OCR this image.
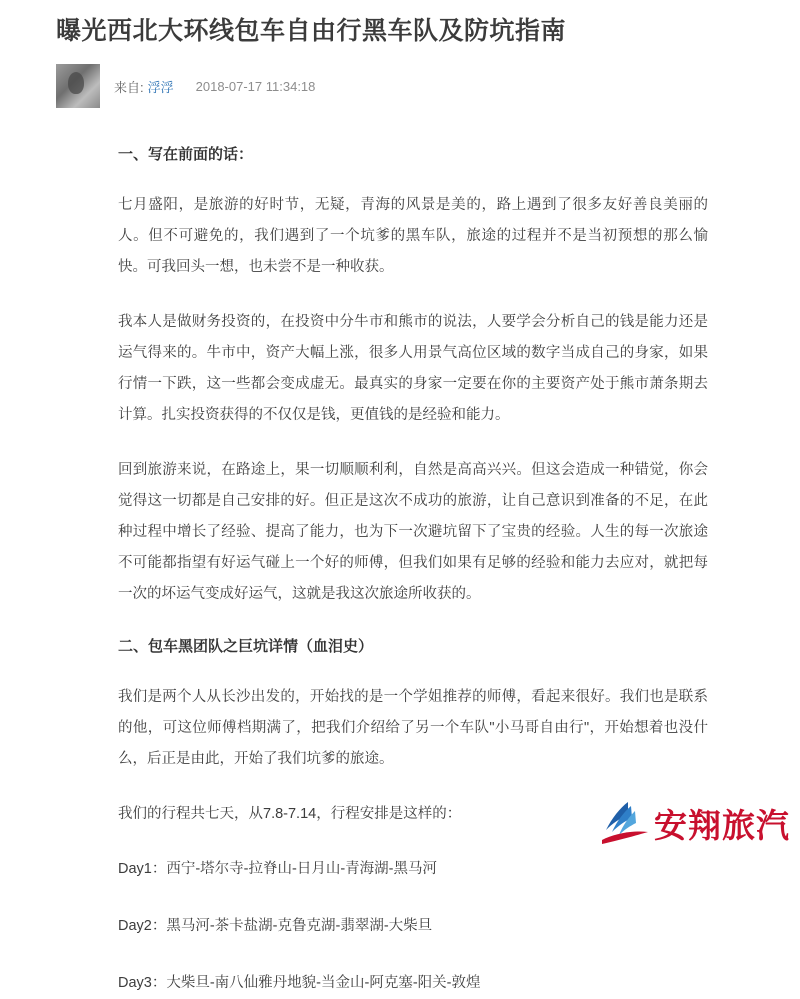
曝光西北大环线包车自由行黑车队及防坑指南
来自: 浮浮 2018-07-17 11:34:18
一、写在前面的话：

七月盛阳，是旅游的好时节，无疑，青海的风景是美的，路上遇到了很多友好善良美丽的人。但不可避免的，我们遇到了一个坑爹的黑车队，旅途的过程并不是当初预想的那么愉快。可我回头一想，也未尝不是一种收获。

我本人是做财务投资的，在投资中分牛市和熊市的说法，人要学会分析自己的钱是能力还是运气得来的。牛市中，资产大幅上涨，很多人用景气高位区域的数字当成自己的身家，如果行情一下跌，这一些都会变成虚无。最真实的身家一定要在你的主要资产处于熊市萧条期去计算。扎实投资获得的不仅仅是钱，更值钱的是经验和能力。

回到旅游来说，在路途上，果一切顺顺利利，自然是高高兴兴。但这会造成一种错觉，你会觉得这一切都是自己安排的好。但正是这次不成功的旅游，让自己意识到准备的不足，在此种过程中增长了经验、提高了能力，也为下一次避坑留下了宝贵的经验。人生的每一次旅途不可能都指望有好运气碰上一个好的师傅，但我们如果有足够的经验和能力去应对，就把每一次的坏运气变成好运气，这就是我这次旅途所收获的。

二、包车黑团队之巨坑详情（血泪史）

我们是两个人从长沙出发的，开始找的是一个学姐推荐的师傅，看起来很好。我们也是联系的他，可这位师傅档期满了，把我们介绍给了另一个车队"小马哥自由行"，开始想着也没什么，后正是由此，开始了我们坑爹的旅途。

我们的行程共七天，从7.8-7.14，行程安排是这样的：

Day1：西宁-塔尔寺-拉脊山-日月山-青海湖-黑马河

Day2：黑马河-茶卡盐湖-克鲁克湖-翡翠湖-大柴旦

Day3：大柴旦-南八仙雅丹地貌-当金山-阿克塞-阳关-敦煌

安翔旅汽
